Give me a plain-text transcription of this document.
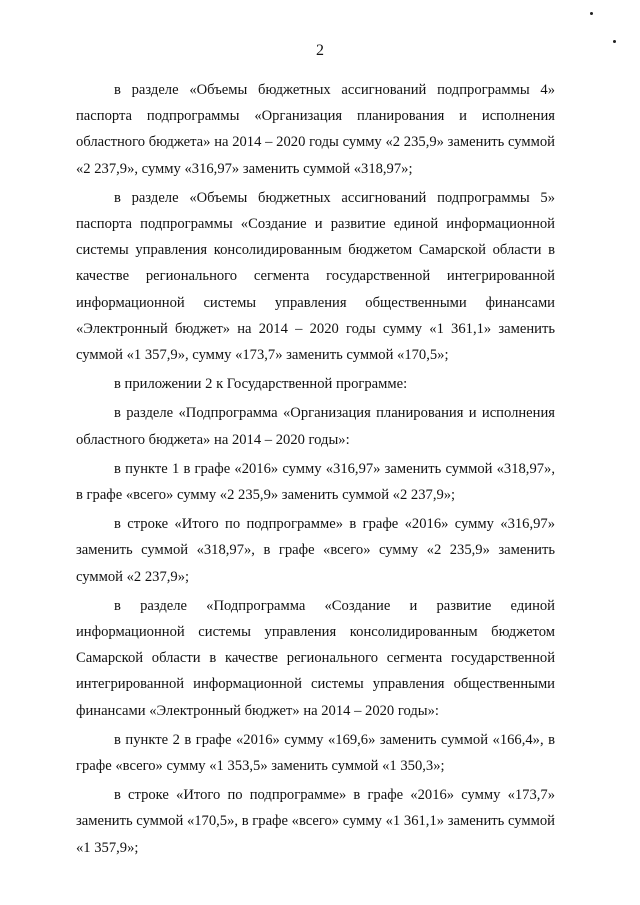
2

в разделе «Объемы бюджетных ассигнований подпрограммы 4» паспорта подпрограммы «Организация планирования и исполнения областного бюджета» на 2014 – 2020 годы сумму «2 235,9» заменить суммой «2 237,9», сумму «316,97» заменить суммой «318,97»;

в разделе «Объемы бюджетных ассигнований подпрограммы 5» паспорта подпрограммы «Создание и развитие единой информационной системы управления консолидированным бюджетом Самарской области в качестве регионального сегмента государственной интегрированной информационной системы управления общественными финансами «Электронный бюджет» на 2014 – 2020 годы сумму «1 361,1» заменить суммой «1 357,9», сумму «173,7» заменить суммой «170,5»;

в приложении 2 к Государственной программе:

в разделе «Подпрограмма «Организация планирования и исполнения областного бюджета» на 2014 – 2020 годы»:

в пункте 1 в графе «2016» сумму «316,97» заменить суммой «318,97», в графе «всего» сумму «2 235,9» заменить суммой «2 237,9»;

в строке «Итого по подпрограмме» в графе «2016» сумму «316,97» заменить суммой «318,97», в графе «всего» сумму «2 235,9» заменить суммой «2 237,9»;

в разделе «Подпрограмма «Создание и развитие единой информационной системы управления консолидированным бюджетом Самарской области в качестве регионального сегмента государственной интегрированной информационной системы управления общественными финансами «Электронный бюджет» на 2014 – 2020 годы»:

в пункте 2 в графе «2016» сумму «169,6» заменить суммой «166,4», в графе «всего» сумму «1 353,5» заменить суммой «1 350,3»;

в строке «Итого по подпрограмме» в графе «2016» сумму «173,7» заменить суммой «170,5», в графе «всего» сумму «1 361,1» заменить суммой «1 357,9»;
